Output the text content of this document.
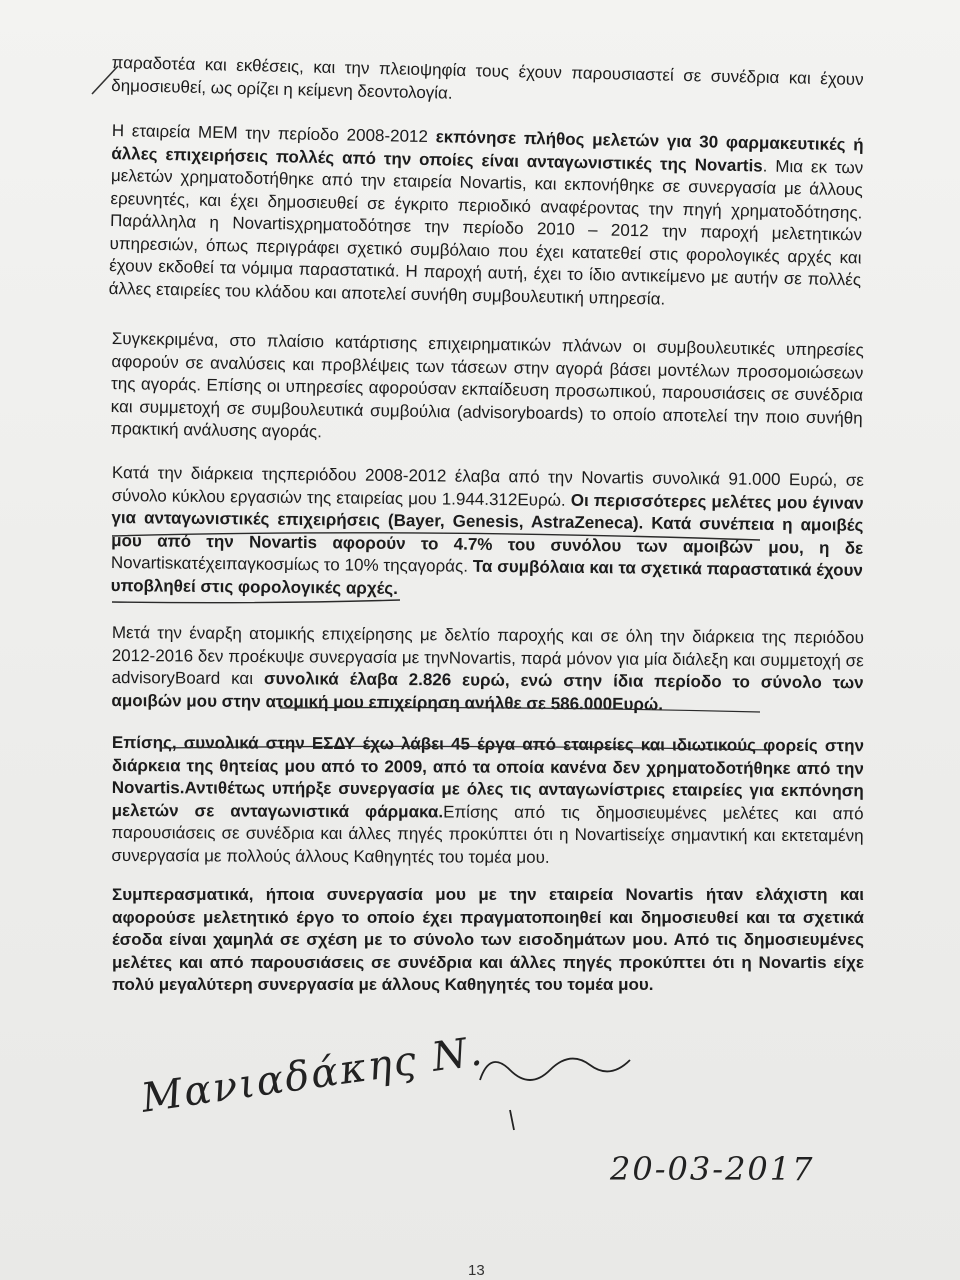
παραδοτέα και εκθέσεις, και την πλειοψηφία τους έχουν παρουσιαστεί σε συνέδρια και έχουν δημοσιευθεί, ως ορίζει η κείμενη δεοντολογία.

Η εταιρεία ΜΕΜ την περίοδο 2008-2012 εκπόνησε πλήθος μελετών για 30 φαρμακευτικές ή άλλες επιχειρήσεις πολλές από την οποίες είναι ανταγωνιστικές της Novartis. Μια εκ των μελετών χρηματοδοτήθηκε από την εταιρεία Novartis, και εκπονήθηκε σε συνεργασία με άλλους ερευνητές, και έχει δημοσιευθεί σε έγκριτο περιοδικό αναφέροντας την πηγή χρηματοδότησης. Παράλληλα η Novartisχρηματοδότησε την περίοδο 2010 – 2012 την παροχή μελετητικών υπηρεσιών, όπως περιγράφει σχετικό συμβόλαιο που έχει κατατεθεί στις φορολογικές αρχές και έχουν εκδοθεί τα νόμιμα παραστατικά. Η παροχή αυτή, έχει το ίδιο αντικείμενο με αυτήν σε πολλές άλλες εταιρείες του κλάδου και αποτελεί συνήθη συμβουλευτική υπηρεσία.

Συγκεκριμένα, στο πλαίσιο κατάρτισης επιχειρηματικών πλάνων οι συμβουλευτικές υπηρεσίες αφορούν σε αναλύσεις και προβλέψεις των τάσεων στην αγορά βάσει μοντέλων προσομοιώσεων της αγοράς. Επίσης οι υπηρεσίες αφορούσαν εκπαίδευση προσωπικού, παρουσιάσεις σε συνέδρια και συμμετοχή σε συμβουλευτικά συμβούλια (advisoryboards) το οποίο αποτελεί την ποιο συνήθη πρακτική ανάλυσης αγοράς.

Κατά την διάρκεια τηςπεριόδου 2008-2012 έλαβα από την Novartis συνολικά 91.000 Ευρώ, σε σύνολο κύκλου εργασιών της εταιρείας μου 1.944.312Ευρώ. Οι περισσότερες μελέτες μου έγιναν για ανταγωνιστικές επιχειρήσεις (Bayer, Genesis, AstraZeneca). Κατά συνέπεια η αμοιβές μου από την Novartis αφορούν το 4.7% του συνόλου των αμοιβών μου, η δε Novartisκατέχειπαγκοσμίως το 10% τηςαγοράς. Τα συμβόλαια και τα σχετικά παραστατικά έχουν υποβληθεί στις φορολογικές αρχές.

Μετά την έναρξη ατομικής επιχείρησης με δελτίο παροχής και σε όλη την διάρκεια της περιόδου 2012-2016 δεν προέκυψε συνεργασία με τηνNovartis, παρά μόνον για μία διάλεξη και συμμετοχή σε advisoryBoard και συνολικά έλαβα 2.826 ευρώ, ενώ στην ίδια περίοδο το σύνολο των αμοιβών μου στην ατομική μου επιχείρηση ανήλθε σε 586.000Ευρώ.

Επίσης, συνολικά στην ΕΣΔΥ έχω λάβει 45 έργα από εταιρείες και ιδιωτικούς φορείς στην διάρκεια της θητείας μου από το 2009, από τα οποία κανένα δεν χρηματοδοτήθηκε από την Novartis.Αντιθέτως υπήρξε συνεργασία με όλες τις ανταγωνίστριες εταιρείες για εκπόνηση μελετών σε ανταγωνιστικά φάρμακα.Επίσης από τις δημοσιευμένες μελέτες και από παρουσιάσεις σε συνέδρια και άλλες πηγές προκύπτει ότι η Novartisείχε σημαντική και εκτεταμένη συνεργασία με πολλούς άλλους Καθηγητές του τομέα μου.

Συμπερασματικά, ήποια συνεργασία μου με την εταιρεία Novartis ήταν ελάχιστη και αφορούσε μελετητικό έργο το οποίο έχει πραγματοποιηθεί και δημοσιευθεί και τα σχετικά έσοδα είναι χαμηλά σε σχέση με το σύνολο των εισοδημάτων μου. Από τις δημοσιευμένες μελέτες και από παρουσιάσεις σε συνέδρια και άλλες πηγές προκύπτει ότι η Novartis είχε πολύ μεγαλύτερη συνεργασία με άλλους Καθηγητές του τομέα μου.

Μανιαδάκης Ν.
20-03-2017
13
